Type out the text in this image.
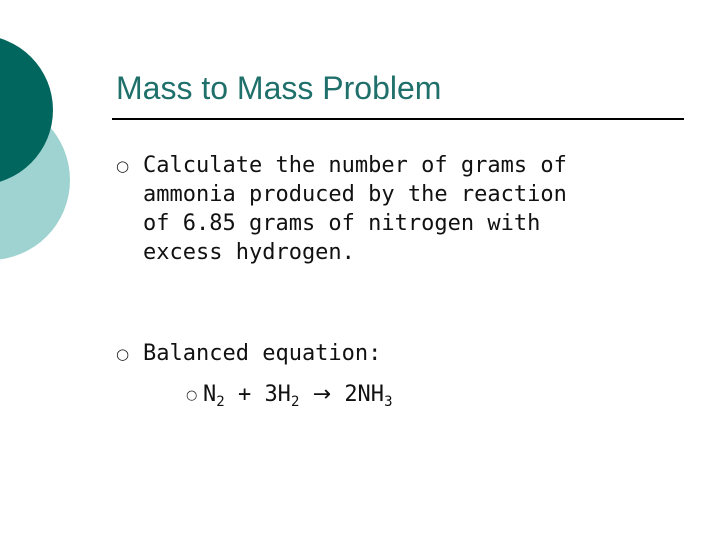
Mass to Mass Problem
○ Calculate the number of grams of
ammonia produced by the reaction
of 6.85 grams of nitrogen with
excess hydrogen.
○ Balanced equation:
○ $N_2 + 3H_2 \to 2NH_3$
